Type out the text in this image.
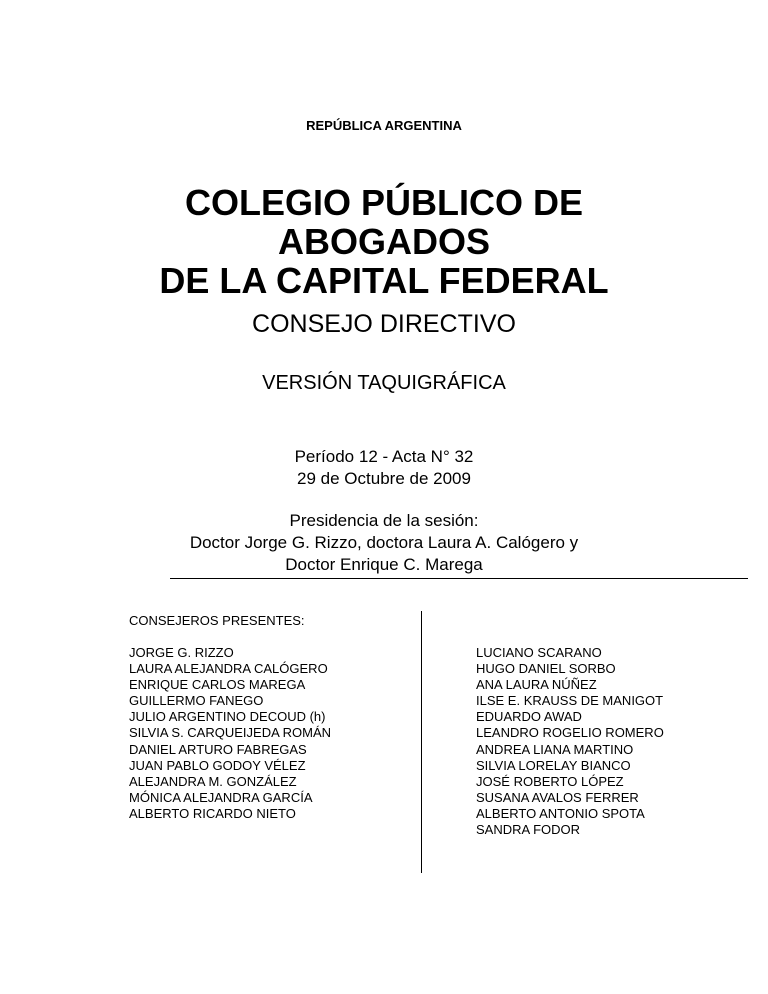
REPÚBLICA ARGENTINA
COLEGIO PÚBLICO DE
ABOGADOS
DE LA CAPITAL FEDERAL
CONSEJO DIRECTIVO
VERSIÓN TAQUIGRÁFICA
Período 12 - Acta N° 32
29 de Octubre de 2009
Presidencia de la sesión:
Doctor Jorge G. Rizzo, doctora Laura A. Calógero y
Doctor Enrique C. Marega
CONSEJEROS PRESENTES:
JORGE G. RIZZO
LAURA ALEJANDRA CALÓGERO
ENRIQUE CARLOS MAREGA
GUILLERMO FANEGO
JULIO ARGENTINO DECOUD (h)
SILVIA S. CARQUEIJEDA ROMÁN
DANIEL ARTURO FABREGAS
JUAN PABLO GODOY VÉLEZ
ALEJANDRA M. GONZÁLEZ
MÓNICA ALEJANDRA GARCÍA
ALBERTO RICARDO NIETO
LUCIANO SCARANO
HUGO DANIEL SORBO
ANA LAURA NÚÑEZ
ILSE E. KRAUSS DE MANIGOT
EDUARDO AWAD
LEANDRO ROGELIO ROMERO
ANDREA LIANA MARTINO
SILVIA LORELAY BIANCO
JOSÉ ROBERTO LÓPEZ
SUSANA AVALOS FERRER
ALBERTO ANTONIO SPOTA
SANDRA FODOR
